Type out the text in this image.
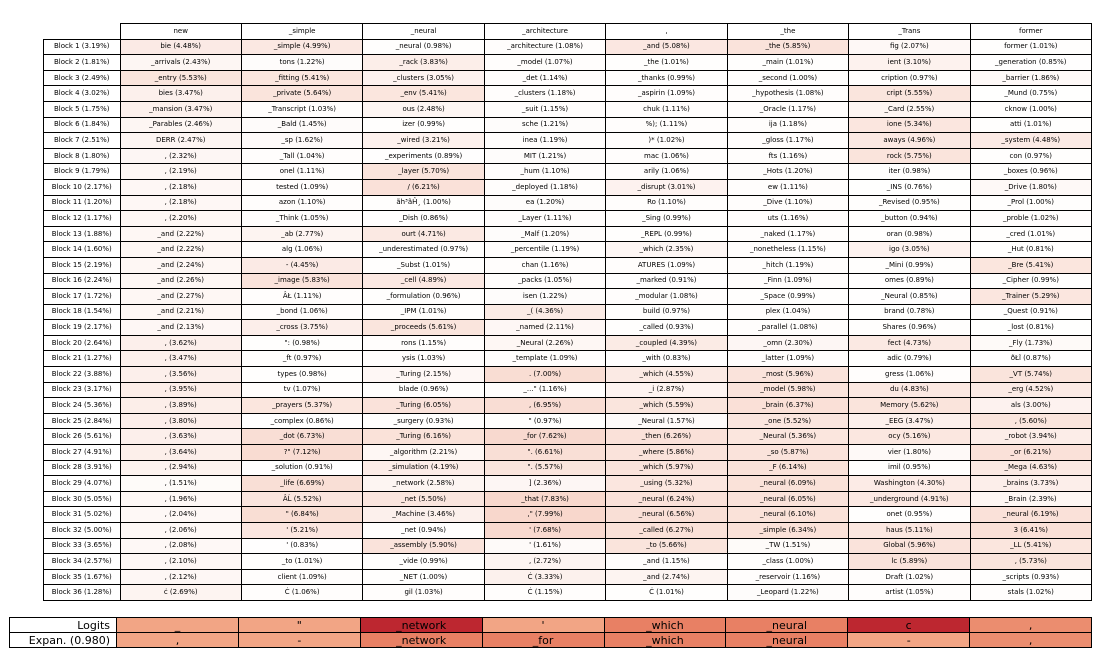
	new	_simple	_neural	_architecture	,	_the	_Trans	former
Block 1 (3.19%)	bie (4.48%)	_simple (4.99%)	_neural (0.98%)	_architecture (1.08%)	_and (5.08%)	_the (5.85%)	fig (2.07%)	former (1.01%)
Block 2 (1.81%)	_arrivals (2.43%)	tons (1.22%)	_rack (3.83%)	_model (1.07%)	_the (1.01%)	_main (1.01%)	ient (3.10%)	_generation (0.85%)
Block 3 (2.49%)	_entry (5.53%)	_fitting (5.41%)	_clusters (3.05%)	_det (1.14%)	_thanks (0.99%)	_second (1.00%)	cription (0.97%)	_barrier (1.86%)
Block 4 (3.02%)	bies (3.47%)	_private (5.64%)	_env (5.41%)	_clusters (1.18%)	_aspirin (1.09%)	_hypothesis (1.08%)	cript (5.55%)	_Mund (0.75%)
Block 5 (1.75%)	_mansion (3.47%)	_Transcript (1.03%)	ous (2.48%)	_suit (1.15%)	chuk (1.11%)	_Oracle (1.17%)	_Card (2.55%)	cknow (1.00%)
Block 6 (1.84%)	_Parables (2.46%)	_Bald (1.45%)	izer (0.99%)	sche (1.21%)	%); (1.11%)	ija (1.18%)	ione (5.34%)	atti (1.01%)
Block 7 (2.51%)	DERR (2.47%)	_sp (1.62%)	_wired (3.21%)	inea (1.19%)	)* (1.02%)	_gloss (1.17%)	aways (4.96%)	_system (4.48%)
Block 8 (1.80%)	, (2.32%)	_Tall (1.04%)	_experiments (0.89%)	MIT (1.21%)	mac (1.06%)	fts (1.16%)	rock (5.75%)	con (0.97%)
Block 9 (1.79%)	, (2.19%)	onel (1.11%)	_layer (5.70%)	_hum (1.10%)	arily (1.06%)	_Hots (1.20%)	iter (0.98%)	_boxes (0.96%)
Block 10 (2.17%)	, (2.18%)	tested (1.09%)	/ (6.21%)	_deployed (1.18%)	_disrupt (3.01%)	ew (1.11%)	_INS (0.76%)	_Drive (1.80%)
Block 11 (1.20%)	, (2.18%)	azon (1.10%)	ãh³ãĤ¸ (1.00%)	ea (1.20%)	Ro (1.10%)	_Dive (1.10%)	_Revised (0.95%)	_Prol (1.00%)
Block 12 (1.17%)	, (2.20%)	_Think (1.05%)	_Dish (0.86%)	_Layer (1.11%)	_Sing (0.99%)	uts (1.16%)	_button (0.94%)	_proble (1.02%)
Block 13 (1.88%)	_and (2.22%)	_ab (2.77%)	ourt (4.71%)	_Malf (1.20%)	_REPL (0.99%)	_naked (1.17%)	oran (0.98%)	_cred (1.01%)
Block 14 (1.60%)	_and (2.22%)	alg (1.06%)	_underestimated (0.97%)	_percentile (1.19%)	_which (2.35%)	_nonetheless (1.15%)	igo (3.05%)	_Hut (0.81%)
Block 15 (2.19%)	_and (2.24%)	- (4.45%)	_Subst (1.01%)	chan (1.16%)	ATURES (1.09%)	_hitch (1.19%)	_Mini (0.99%)	_Bre (5.41%)
Block 16 (2.24%)	_and (2.26%)	_image (5.83%)	_cell (4.89%)	_packs (1.05%)	_marked (0.91%)	_Finn (1.09%)	omes (0.89%)	_Cipher (0.99%)
Block 17 (1.72%)	_and (2.27%)	ÂŁ (1.11%)	_formulation (0.96%)	isen (1.22%)	_modular (1.08%)	_Space (0.99%)	_Neural (0.85%)	_Trainer (5.29%)
Block 18 (1.54%)	_and (2.21%)	_bond (1.06%)	_IPM (1.01%)	_( (4.36%)	build (0.97%)	plex (1.04%)	brand (0.78%)	_Quest (0.91%)
Block 19 (2.17%)	_and (2.13%)	_cross (3.75%)	_proceeds (5.61%)	_named (2.11%)	_called (0.93%)	_parallel (1.08%)	Shares (0.96%)	_lost (0.81%)
Block 20 (2.64%)	, (3.62%)	": (0.98%)	rons (1.15%)	_Neural (2.26%)	_coupled (4.39%)	_omn (2.30%)	fect (4.73%)	_Fly (1.73%)
Block 21 (1.27%)	, (3.47%)	_ft (0.97%)	ysis (1.03%)	_template (1.09%)	_with (0.83%)	_latter (1.09%)	adic (0.79%)	ðŁĩ (0.87%)
Block 22 (3.88%)	, (3.56%)	types (0.98%)	_Turing (2.15%)	. (7.00%)	_which (4.55%)	_most (5.96%)	gress (1.06%)	_VT (5.74%)
Block 23 (3.17%)	, (3.95%)	tv (1.07%)	blade (0.96%)	_..." (1.16%)	_i (2.87%)	_model (5.98%)	du (4.83%)	_erg (4.52%)
Block 24 (5.36%)	, (3.89%)	_prayers (5.37%)	_Turing (6.05%)	, (6.95%)	_which (5.59%)	_brain (6.37%)	Memory (5.62%)	als (3.00%)
Block 25 (2.84%)	, (3.80%)	_complex (0.86%)	_surgery (0.93%)	" (0.97%)	_Neural (1.57%)	_one (5.52%)	_EEG (3.47%)	, (5.60%)
Block 26 (5.61%)	, (3.63%)	_dot (6.73%)	_Turing (6.16%)	_for (7.62%)	_then (6.26%)	_Neural (5.36%)	ocy (5.16%)	_robot (3.94%)
Block 27 (4.91%)	, (3.64%)	?" (7.12%)	_algorithm (2.21%)	". (6.61%)	_where (5.86%)	_so (5.87%)	vier (1.80%)	_or (6.21%)
Block 28 (3.91%)	, (2.94%)	_solution (0.91%)	_simulation (4.19%)	". (5.57%)	_which (5.97%)	_F (6.14%)	imil (0.95%)	_Mega (4.63%)
Block 29 (4.07%)	, (1.51%)	_life (6.69%)	_network (2.58%)	] (2.36%)	_using (5.32%)	_neural (6.09%)	Washington (4.30%)	_brains (3.73%)
Block 30 (5.05%)	, (1.96%)	ÂĹ (5.52%)	_net (5.50%)	_that (7.83%)	_neural (6.24%)	_neural (6.05%)	_underground (4.91%)	_Brain (2.39%)
Block 31 (5.02%)	, (2.04%)	" (6.84%)	_Machine (3.46%)	," (7.99%)	_neural (6.56%)	_neural (6.10%)	onet (0.95%)	_neural (6.19%)
Block 32 (5.00%)	, (2.06%)	' (5.21%)	_net (0.94%)	' (7.68%)	_called (6.27%)	_simple (6.34%)	haus (5.11%)	3 (6.41%)
Block 33 (3.65%)	, (2.08%)	' (0.83%)	_assembly (5.90%)	' (1.61%)	_to (5.66%)	_TW (1.51%)	Global (5.96%)	_LL (5.41%)
Block 34 (2.57%)	, (2.10%)	_to (1.01%)	_vide (0.99%)	, (2.72%)	_and (1.15%)	_class (1.00%)	lc (5.89%)	, (5.73%)
Block 35 (1.67%)	, (2.12%)	client (1.09%)	_NET (1.00%)	Ċ (3.33%)	_and (2.74%)	_reservoir (1.16%)	Draft (1.02%)	_scripts (0.93%)
Block 36 (1.28%)	ċ (2.69%)	Ċ (1.06%)	gil (1.03%)	Ċ (1.15%)	Ċ (1.01%)	_Leopard (1.22%)	artist (1.05%)	stals (1.02%)
Logits	_	"	_network	'	_which	_neural	c	,
Expan. (0.980)	,	-	_network	_for	_which	_neural	-	,
